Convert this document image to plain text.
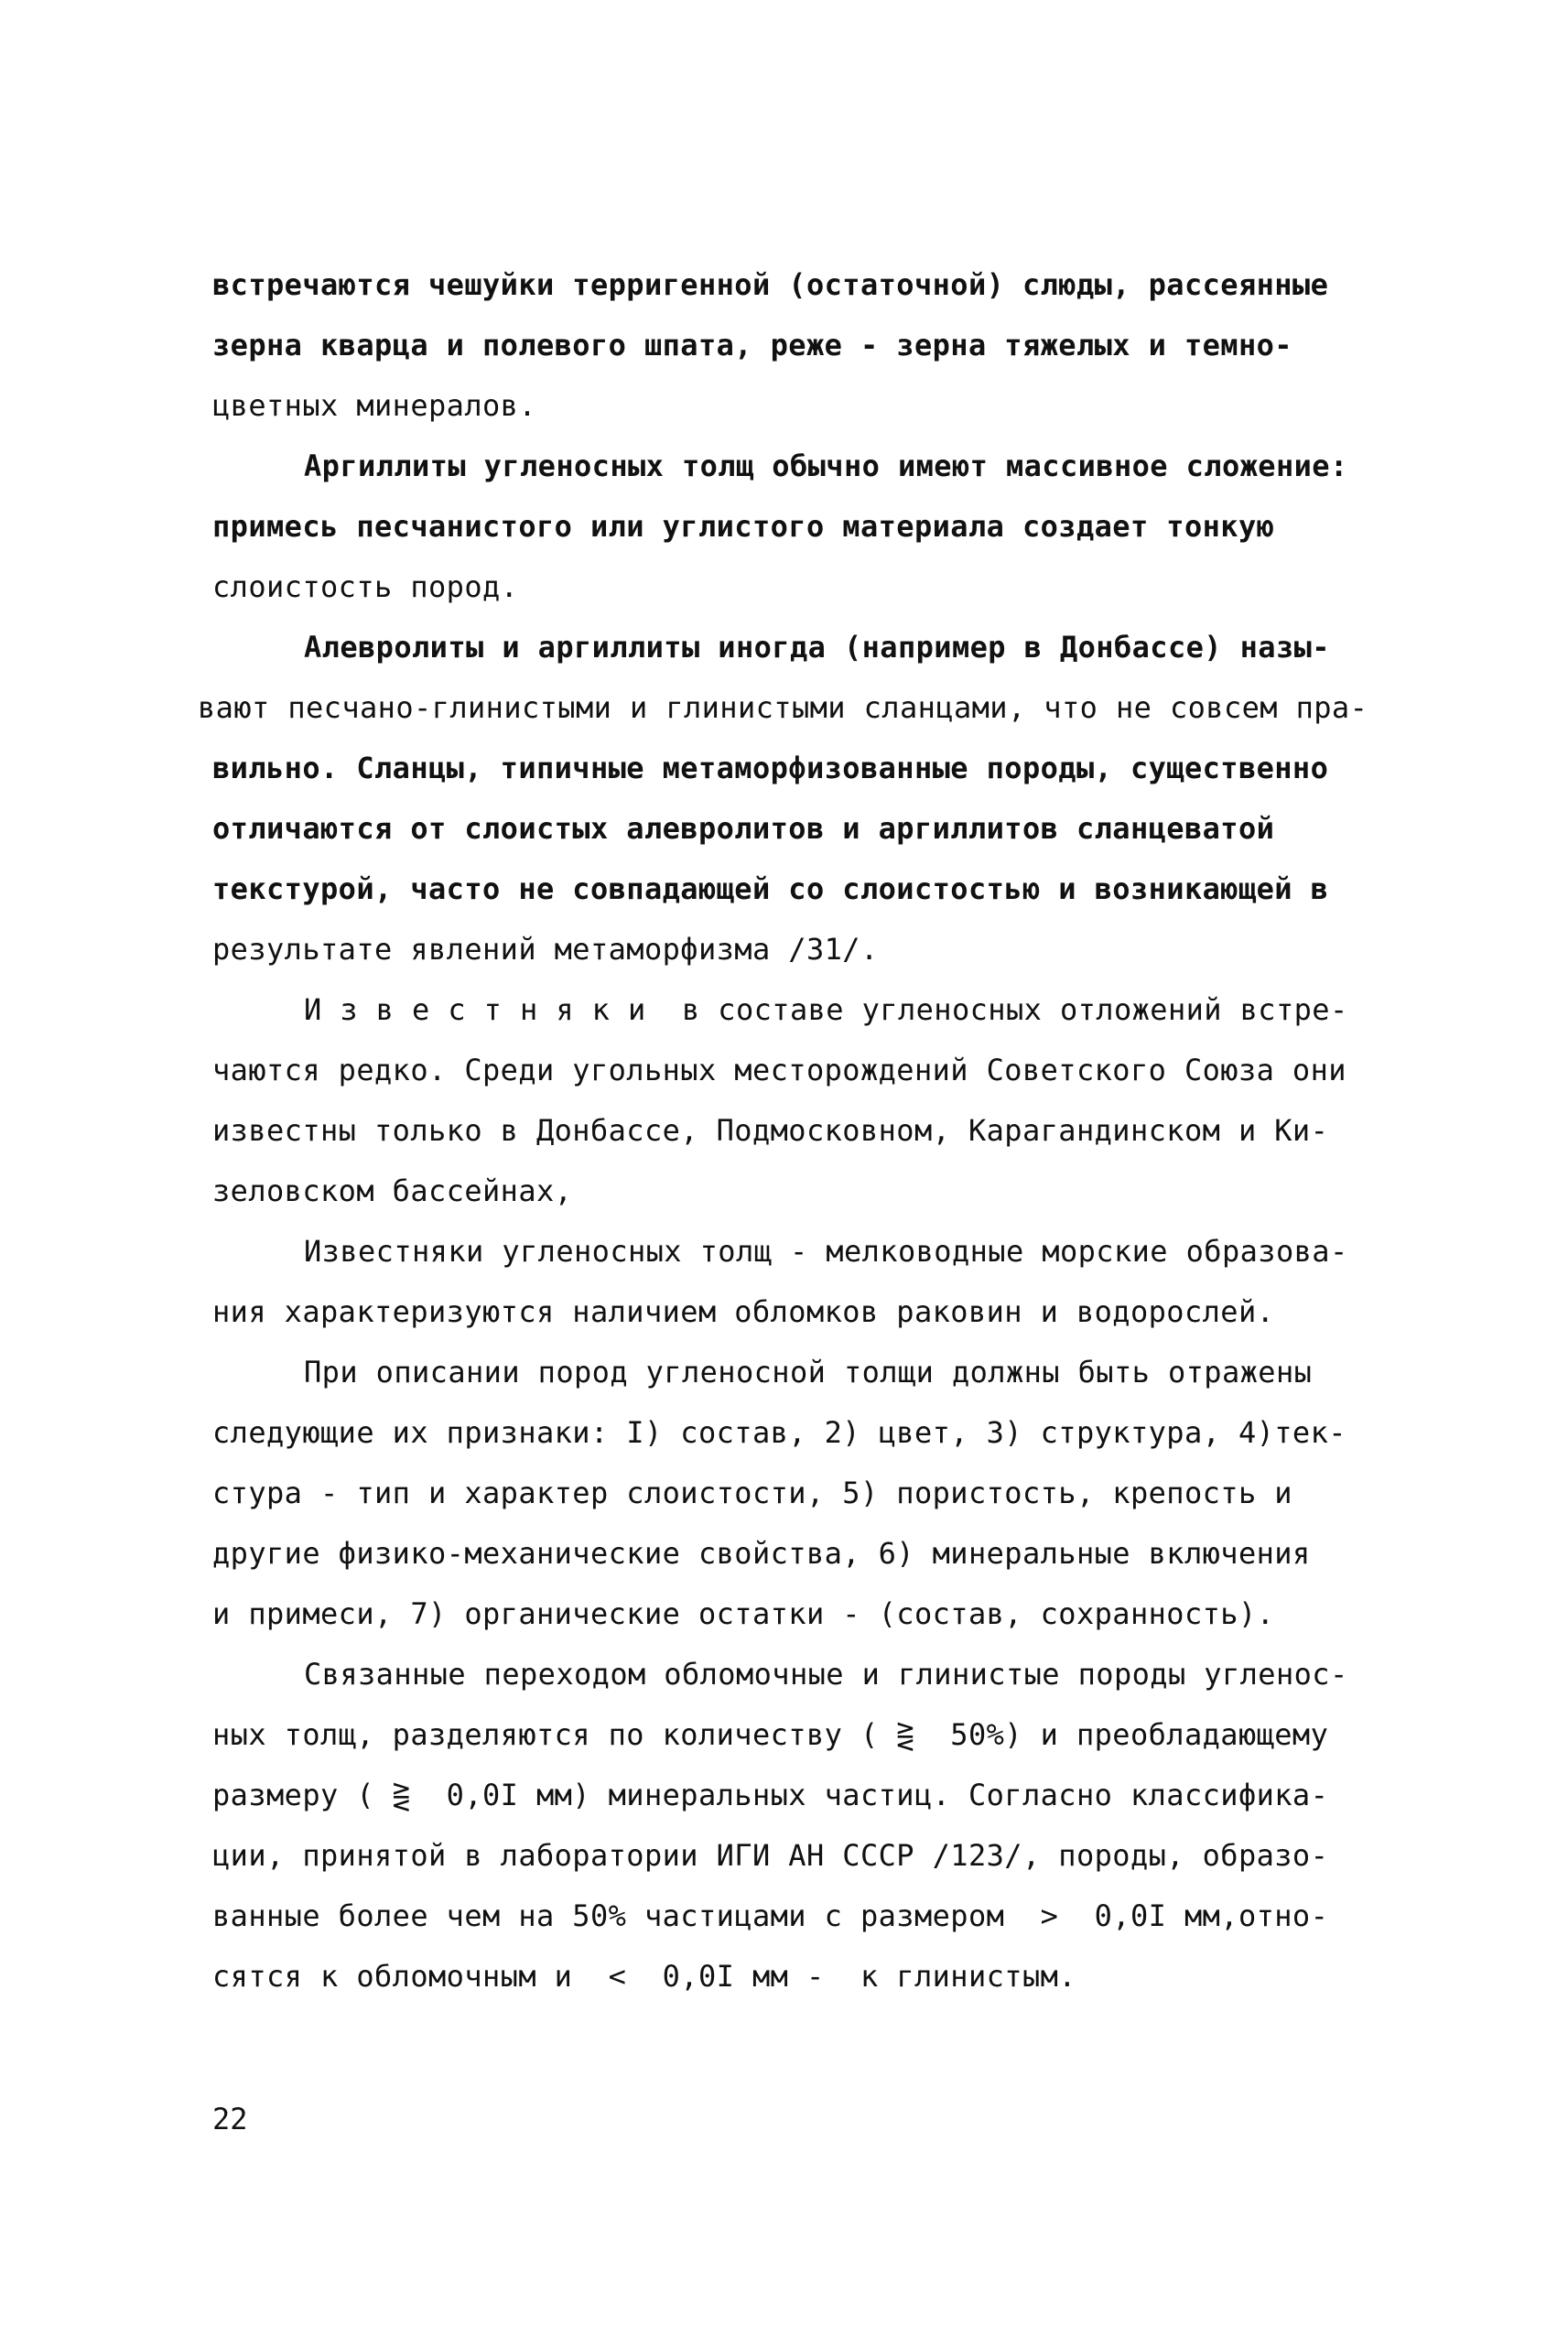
встречаются чешуйки терригенной (остаточной) слюды, рассеянные
зерна кварца и полевого шпата, реже - зерна тяжелых и темно-
цветных минералов.
Аргиллиты угленосных толщ обычно имеют массивное сложение:
примесь песчанистого или углистого материала создает тонкую
слоистость пород.
Алевролиты и аргиллиты иногда (например в Донбассе) назы-
вают песчано-глинистыми и глинистыми сланцами, что не совсем пра-
вильно. Сланцы, типичные метаморфизованные породы, существенно
отличаются от слоистых алевролитов и аргиллитов сланцеватой
текстурой, часто не совпадающей со слоистостью и возникающей в
результате явлений метаморфизма /31/.
И з в е с т н я к и  в составе угленосных отложений встре-
чаются редко. Среди угольных месторождений Советского Союза они
известны только в Донбассе, Подмосковном, Карагандинском и Ки-
зеловском бассейнах,
Известняки угленосных толщ - мелководные морские образова-
ния характеризуются наличием обломков раковин и водорослей.
При описании пород угленосной толщи должны быть отражены
следующие их признаки: I) состав, 2) цвет, 3) структура, 4)тек-
стура - тип и характер слоистости, 5) пористость, крепость и
другие физико-механические свойства, 6) минеральные включения
и примеси, 7) органические остатки - (состав, сохранность).
Связанные переходом обломочные и глинистые породы угленос-
ных толщ, разделяются по количеству ( ⋛  50%) и преобладающему
размеру ( ⋛  0,0I мм) минеральных частиц. Согласно классифика-
ции, принятой в лаборатории ИГИ АН СССР /123/, породы, образо-
ванные более чем на 50% частицами с размером  >  0,0I мм,отно-
сятся к обломочным и  <  0,0I мм -  к глинистым.
22
